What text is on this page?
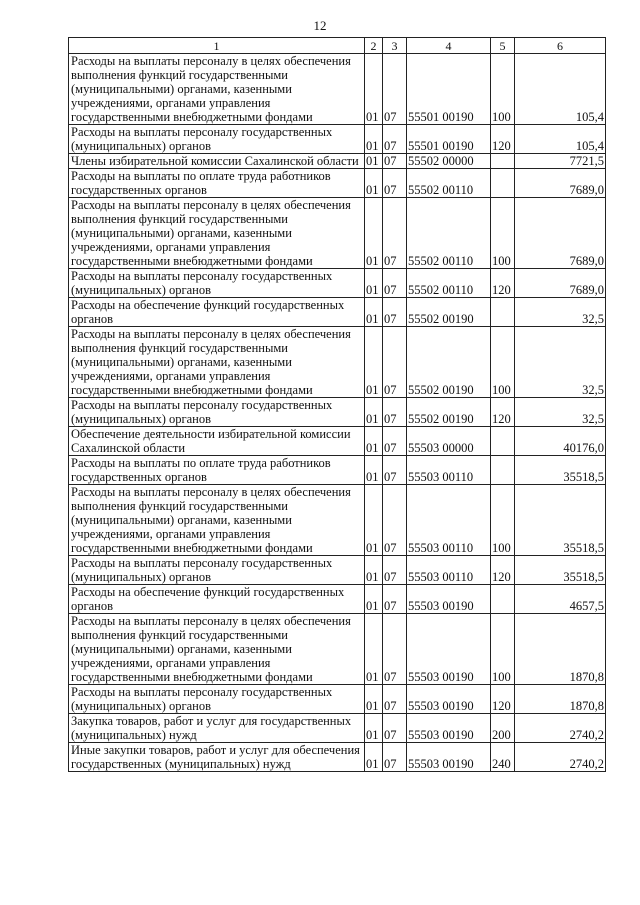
12
1	2	3	4	5	6
Расходы на выплаты персоналу в целях обеспечения выполнения функций государственными (муниципальными) органами, казенными учреждениями, органами управления государственными внебюджетными фондами	01	07	55501 00190	100	105,4
Расходы на выплаты персоналу государственных (муниципальных) органов	01	07	55501 00190	120	105,4
Члены избирательной комиссии Сахалинской области	01	07	55502 00000		7721,5
Расходы на выплаты по оплате труда работников государственных органов	01	07	55502 00110		7689,0
Расходы на выплаты персоналу в целях обеспечения выполнения функций государственными (муниципальными) органами, казенными учреждениями, органами управления государственными внебюджетными фондами	01	07	55502 00110	100	7689,0
Расходы на выплаты персоналу государственных (муниципальных) органов	01	07	55502 00110	120	7689,0
Расходы на обеспечение функций государственных органов	01	07	55502 00190		32,5
Расходы на выплаты персоналу в целях обеспечения выполнения функций государственными (муниципальными) органами, казенными учреждениями, органами управления государственными внебюджетными фондами	01	07	55502 00190	100	32,5
Расходы на выплаты персоналу государственных (муниципальных) органов	01	07	55502 00190	120	32,5
Обеспечение деятельности избирательной комиссии Сахалинской области	01	07	55503 00000		40176,0
Расходы на выплаты по оплате труда работников государственных органов	01	07	55503 00110		35518,5
Расходы на выплаты персоналу в целях обеспечения выполнения функций государственными (муниципальными) органами, казенными учреждениями, органами управления государственными внебюджетными фондами	01	07	55503 00110	100	35518,5
Расходы на выплаты персоналу государственных (муниципальных) органов	01	07	55503 00110	120	35518,5
Расходы на обеспечение функций государственных органов	01	07	55503 00190		4657,5
Расходы на выплаты персоналу в целях обеспечения выполнения функций государственными (муниципальными) органами, казенными учреждениями, органами управления государственными внебюджетными фондами	01	07	55503 00190	100	1870,8
Расходы на выплаты персоналу государственных (муниципальных) органов	01	07	55503 00190	120	1870,8
Закупка товаров, работ и услуг для государственных (муниципальных) нужд	01	07	55503 00190	200	2740,2
Иные закупки товаров, работ и услуг для обеспечения государственных (муниципальных) нужд	01	07	55503 00190	240	2740,2
